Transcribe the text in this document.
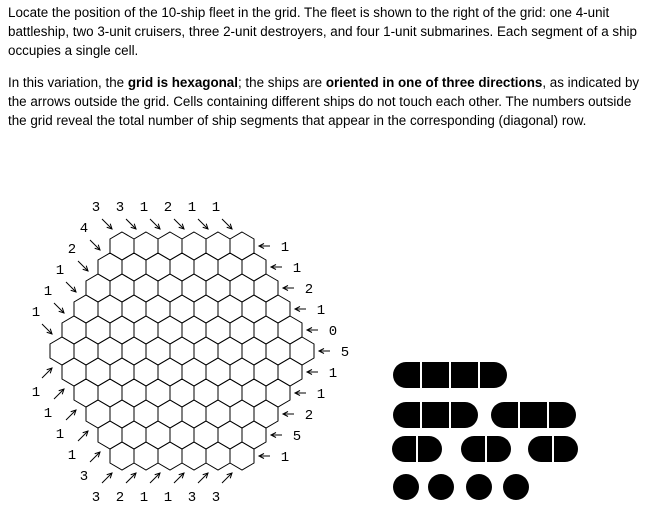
Locate the position of the 10-ship fleet in the grid. The fleet is shown to the right of the grid: one 4-unit battleship, two 3-unit cruisers, three 2-unit destroyers, and four 1-unit submarines. Each segment of a ship occupies a single cell.

In this variation, the grid is hexagonal; the ships are oriented in one of three directions, as indicated by the arrows outside the grid. Cells containing different ships do not touch each other. The numbers outside the grid reveal the total number of ship segments that appear in the corresponding (diagonal) row.

3 3 1 2 1 1
4
2
1
1
1
1
1
1
1
3
3 2 1 1 3 3
1
1
2
1
0
5
1
1
2
5
1
